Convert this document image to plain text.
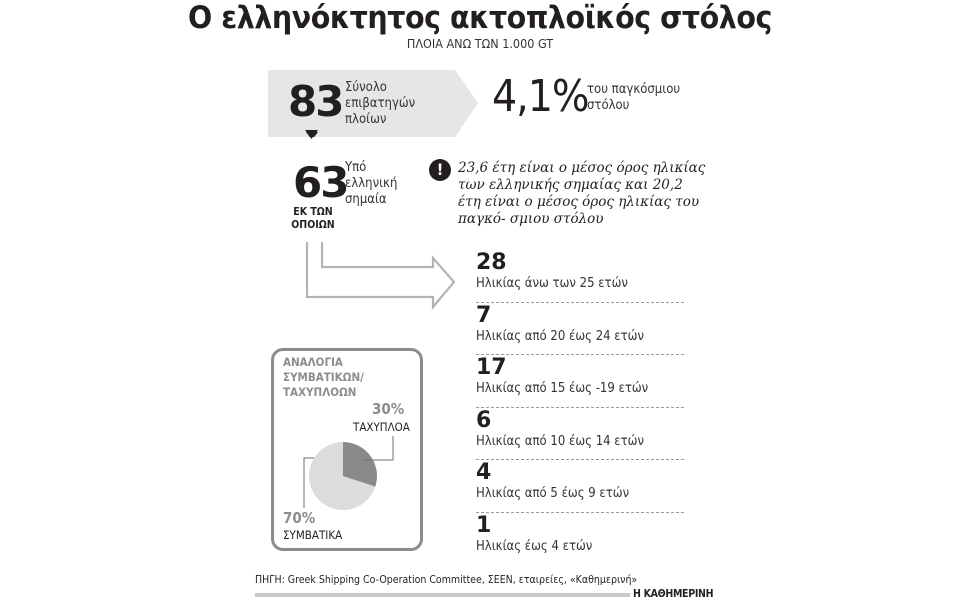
Ο ελληνόκτητος ακτοπλοϊκός στόλος
ΠΛΟΙΑ ΑΝΩ ΤΩΝ 1.000 GT
83 Σύνολο
επιβατηγών
πλοίων	4,1%
του παγκόσμιου
στόλου
63
Υπό
ελληνική
σημαία
ΕΚ ΤΩΝ
ΟΠΟΙΩΝ
!	23,6 έτη είναι ο μέσος όρος ηλικίας των ελληνικής σημαίας και 20,2 έτη είναι ο μέσος όρος ηλικίας του παγκό- σμιου στόλου
28
Ηλικίας άνω των 25 ετών
7
Ηλικίας από 20 έως 24 ετών
17
Ηλικίας από 15 έως -19 ετών
6
Ηλικίας από 10 έως 14 ετών
4
Ηλικίας από 5 έως 9 ετών
1
Ηλικίας έως 4 ετών
ΑΝΑΛΟΓΙΑ
ΣΥΜΒΑΤΙΚΩΝ/
ΤΑΧΥΠΛΟΩΝ
30%
ΤΑΧΥΠΛΟΑ
70%
ΣΥΜΒΑΤΙΚΑ
ΠΗΓΗ: Greek Shipping Co-Operation Committee, ΣΕΕΝ, εταιρείες, «Καθημερινή»
Η ΚΑΘΗΜΕΡΙΝΗ
